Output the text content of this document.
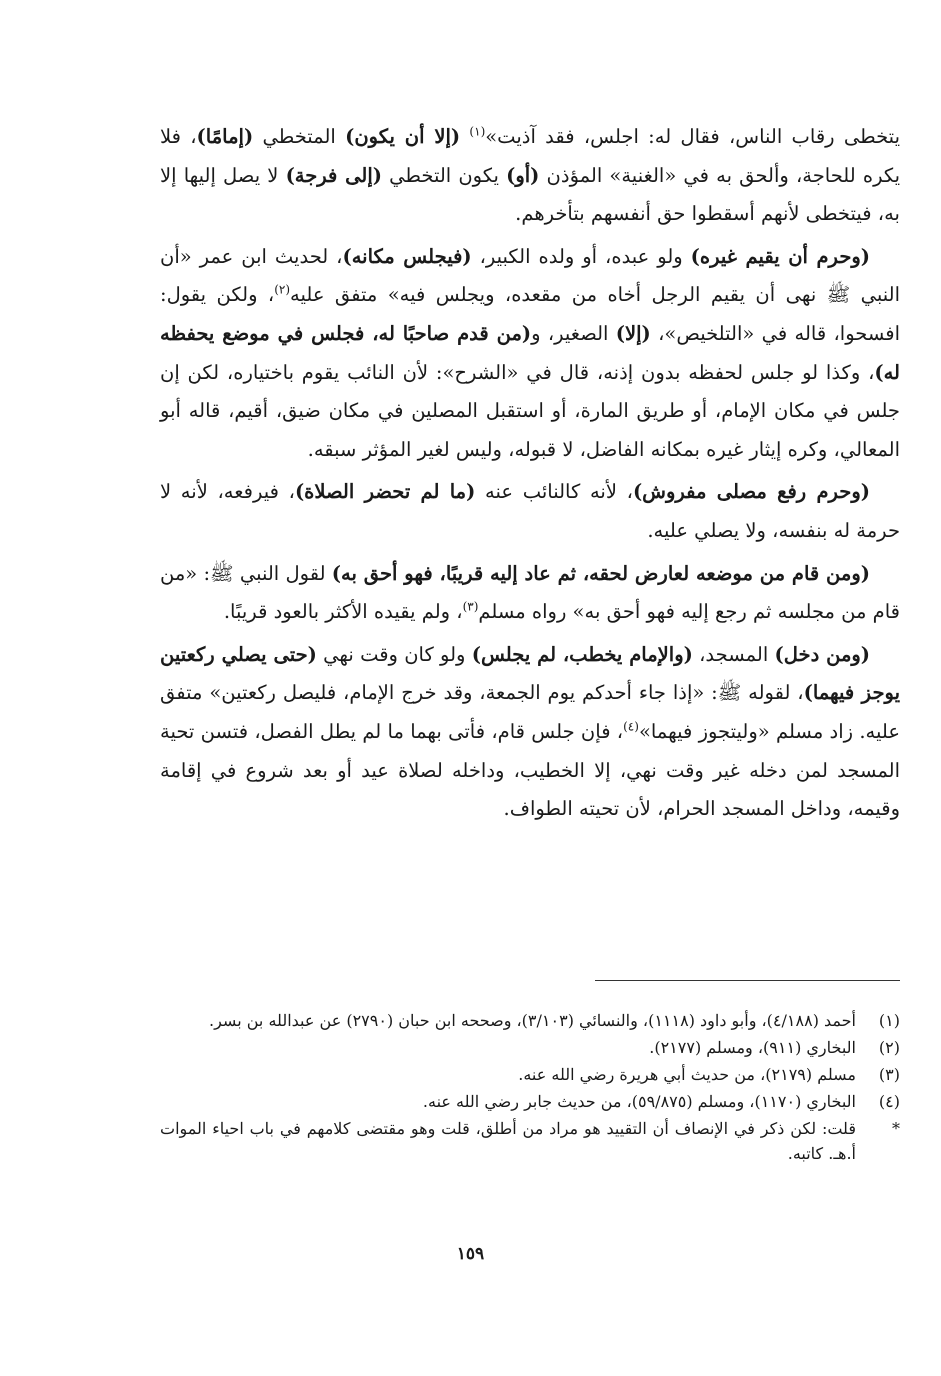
يتخطى رقاب الناس، فقال له: اجلس، فقد آذيت»$^{(١)}$ (إلا أن يكون) المتخطي (إمامًا)، فلا يكره للحاجة، وألحق به في «الغنية» المؤذن (أو) يكون التخطي (إلى فرجة) لا يصل إليها إلا به، فيتخطى لأنهم أسقطوا حق أنفسهم بتأخرهم.

(وحرم أن يقيم غيره) ولو عبده، أو ولده الكبير، (فيجلس مكانه)، لحديث ابن عمر «أن النبي ﷺ نهى أن يقيم الرجل أخاه من مقعده، ويجلس فيه» متفق عليه$^{(٢)}$، ولكن يقول: افسحوا، قاله في «التلخيص»، (إلا) الصغير، و(من قدم صاحبًا له، فجلس في موضع يحفظه له)، وكذا لو جلس لحفظه بدون إذنه، قال في «الشرح»: لأن النائب يقوم باختياره، لكن إن جلس في مكان الإمام، أو طريق المارة، أو استقبل المصلين في مكان ضيق، أقيم، قاله أبو المعالي، وكره إيثار غيره بمكانه الفاضل، لا قبوله، وليس لغير المؤثر سبقه.

(وحرم رفع مصلى مفروش)، لأنه كالنائب عنه (ما لم تحضر الصلاة)، فيرفعه، لأنه لا حرمة له بنفسه، ولا يصلي عليه.

(ومن قام من موضعه لعارض لحقه، ثم عاد إليه قريبًا، فهو أحق به) لقول النبي ﷺ: «من قام من مجلسه ثم رجع إليه فهو أحق به» رواه مسلم$^{(٣)}$، ولم يقيده الأكثر بالعود قريبًا.

(ومن دخل) المسجد، (والإمام يخطب، لم يجلس) ولو كان وقت نهي (حتى يصلي ركعتين يوجز فيهما)، لقوله ﷺ: «إذا جاء أحدكم يوم الجمعة، وقد خرج الإمام، فليصل ركعتين» متفق عليه. زاد مسلم «وليتجوز فيهما»$^{(٤)}$، فإن جلس قام، فأتى بهما ما لم يطل الفصل، فتسن تحية المسجد لمن دخله غير وقت نهي، إلا الخطيب، وداخله لصلاة عيد أو بعد شروع في إقامة وقيمه، وداخل المسجد الحرام، لأن تحيته الطواف.

(١)
أحمد (٤/١٨٨)، وأبو داود (١١١٨)، والنسائي (٣/١٠٣)، وصححه ابن حبان (٢٧٩٠) عن عبدالله بن بسر.
(٢)
البخاري (٩١١)، ومسلم (٢١٧٧).
(٣)
مسلم (٢١٧٩)، من حديث أبي هريرة رضي الله عنه.
(٤)
البخاري (١١٧٠)، ومسلم (٥٩/٨٧٥)، من حديث جابر رضي الله عنه.
*
قلت: لكن ذكر في الإنصاف أن التقييد هو مراد من أطلق، قلت وهو مقتضى كلامهم في باب احياء الموات أ.هـ. كاتبه.
١٥٩
